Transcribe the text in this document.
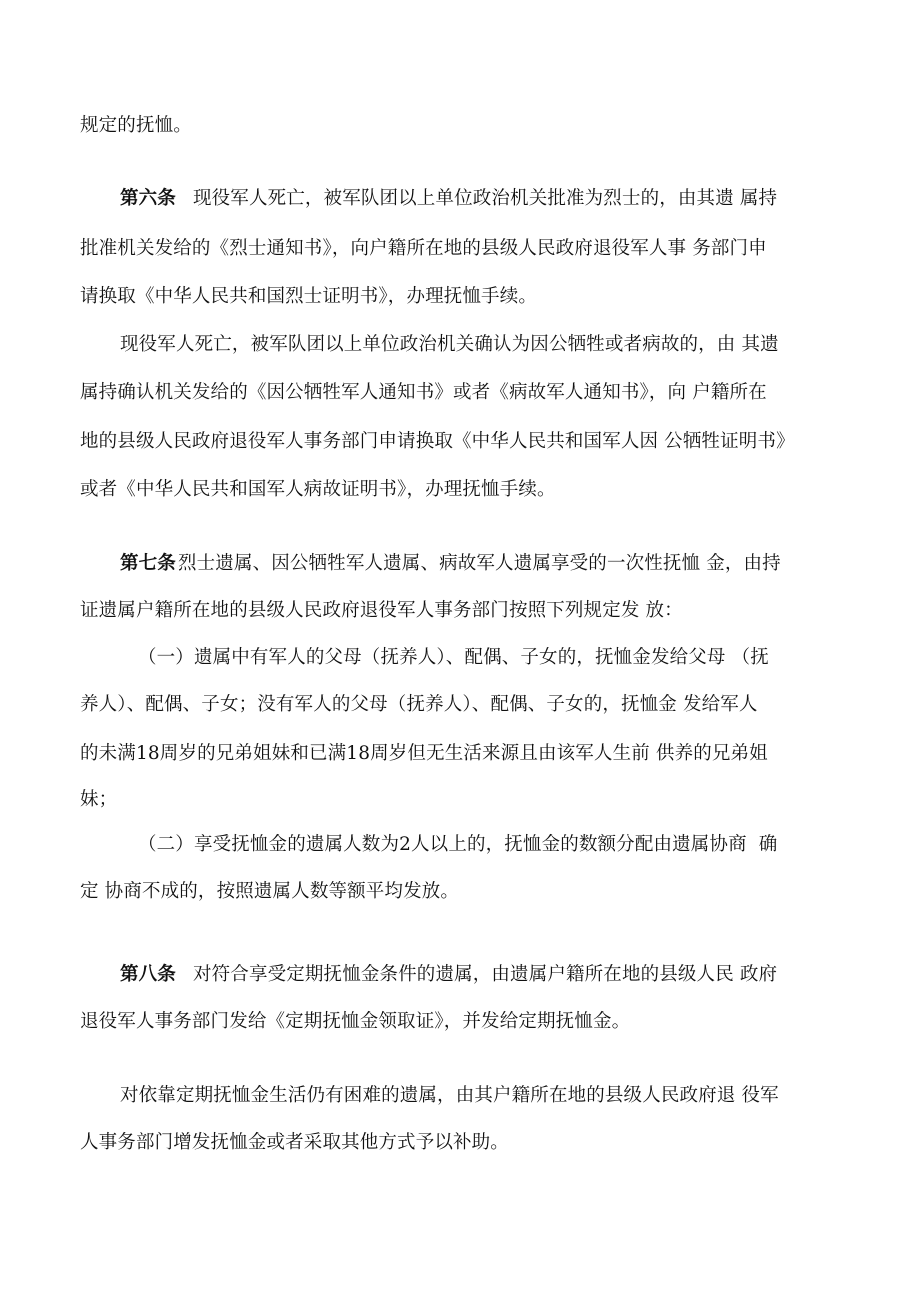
规定的抚恤。

第六条 现役军人死亡，被军队团以上单位政治机关批准为烈士的，由其遗 属持

批准机关发给的《烈士通知书》，向户籍所在地的县级人民政府退役军人事 务部门申

请换取《中华人民共和国烈士证明书》，办理抚恤手续。

现役军人死亡，被军队团以上单位政治机关确认为因公牺牲或者病故的，由 其遗

属持确认机关发给的《因公牺牲军人通知书》或者《病故军人通知书》，向 户籍所在

地的县级人民政府退役军人事务部门申请换取《中华人民共和国军人因 公牺牲证明书》

或者《中华人民共和国军人病故证明书》，办理抚恤手续。

第七条 烈士遗属、因公牺牲军人遗属、病故军人遗属享受的一次性抚恤 金，由持

证遗属户籍所在地的县级人民政府退役军人事务部门按照下列规定发 放：

（一）遗属中有军人的父母（抚养人）、配偶、子女的，抚恤金发给父母 （抚

养人）、配偶、子女；没有军人的父母（抚养人）、配偶、子女的，抚恤金 发给军人

的未满18周岁的兄弟姐妹和已满18周岁但无生活来源且由该军人生前 供养的兄弟姐

妹；

（二）享受抚恤金的遗属人数为2人以上的，抚恤金的数额分配由遗属协商  确

定 协商不成的，按照遗属人数等额平均发放。

第八条 对符合享受定期抚恤金条件的遗属，由遗属户籍所在地的县级人民 政府

退役军人事务部门发给《定期抚恤金领取证》，并发给定期抚恤金。

对依靠定期抚恤金生活仍有困难的遗属，由其户籍所在地的县级人民政府退 役军

人事务部门增发抚恤金或者采取其他方式予以补助。
